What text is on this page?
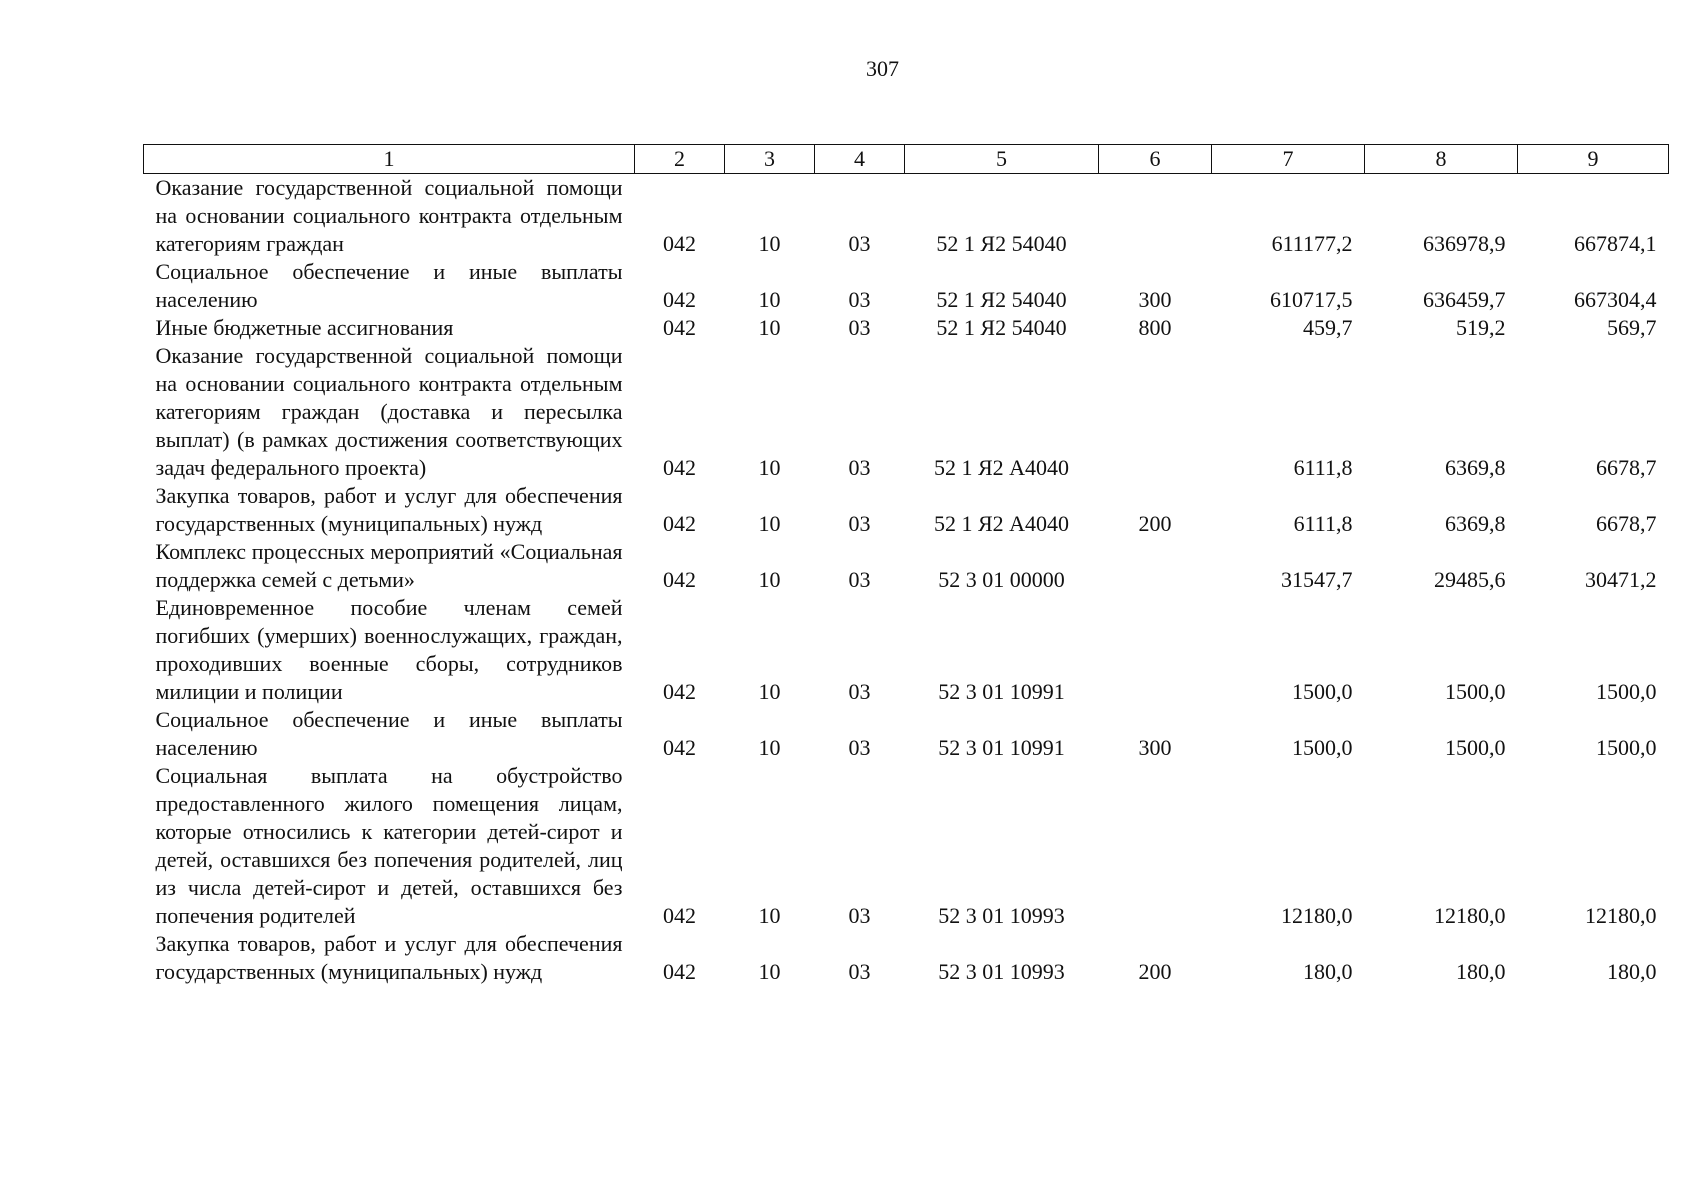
307
1	2	3	4	5	6	7	8	9
Оказание государственной социальной помощи на основании социального контракта отдельным категориям граждан	042	10	03	52 1 Я2 54040		611177,2	636978,9	667874,1
Социальное обеспечение и иные выплаты населению	042	10	03	52 1 Я2 54040	300	610717,5	636459,7	667304,4
Иные бюджетные ассигнования	042	10	03	52 1 Я2 54040	800	459,7	519,2	569,7
Оказание государственной социальной помощи на основании социального контракта отдельным категориям граждан (доставка и пересылка выплат) (в рамках достижения соответствующих задач федерального проекта)	042	10	03	52 1 Я2 A4040		6111,8	6369,8	6678,7
Закупка товаров, работ и услуг для обеспечения государственных (муниципальных) нужд	042	10	03	52 1 Я2 A4040	200	6111,8	6369,8	6678,7
Комплекс процессных мероприятий «Социальная поддержка семей с детьми»	042	10	03	52 3 01 00000		31547,7	29485,6	30471,2
Единовременное пособие членам семей погибших (умерших) военнослужащих, граждан, проходивших военные сборы, сотрудников милиции и полиции	042	10	03	52 3 01 10991		1500,0	1500,0	1500,0
Социальное обеспечение и иные выплаты населению	042	10	03	52 3 01 10991	300	1500,0	1500,0	1500,0
Социальная выплата на обустройство предоставленного жилого помещения лицам, которые относились к категории детей-сирот и детей, оставшихся без попечения родителей, лиц из числа детей-сирот и детей, оставшихся без попечения родителей	042	10	03	52 3 01 10993		12180,0	12180,0	12180,0
Закупка товаров, работ и услуг для обеспечения государственных (муниципальных) нужд	042	10	03	52 3 01 10993	200	180,0	180,0	180,0
